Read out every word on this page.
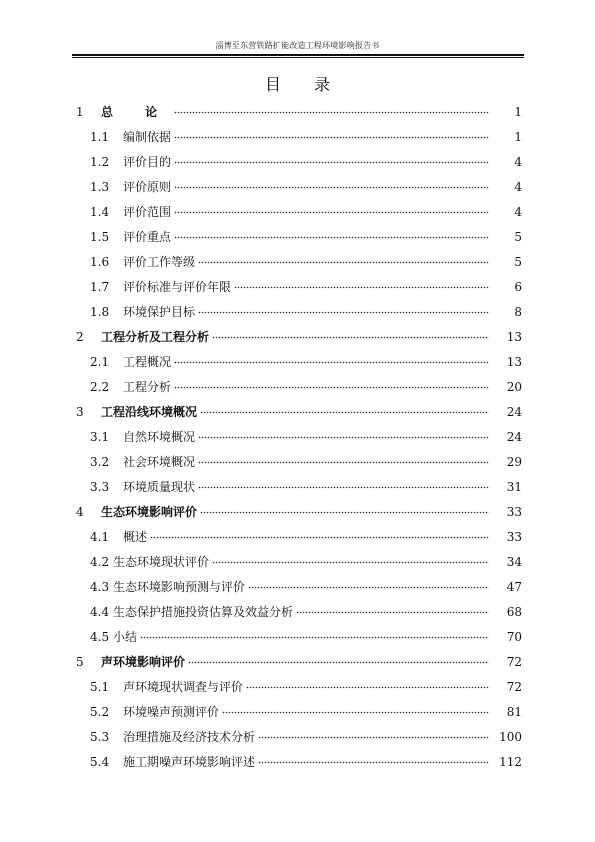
淄博至东营铁路扩能改造工程环境影响报告书
目 录
1	总 论	1
1.1	编制依据	1
1.2	评价目的	4
1.3	评价原则	4
1.4	评价范围	4
1.5	评价重点	5
1.6	评价工作等级	5
1.7	评价标准与评价年限	6
1.8	环境保护目标	8
2	工程分析及工程分析	13
2.1	工程概况	13
2.2	工程分析	20
3	工程沿线环境概况	24
3.1	自然环境概况	24
3.2	社会环境概况	29
3.3	环境质量现状	31
4	生态环境影响评价	33
4.1	概述	33
4.2 生态环境现状评价	34
4.3 生态环境影响预测与评价	47
4.4 生态保护措施投资估算及效益分析	68
4.5 小结	70
5	声环境影响评价	72
5.1	声环境现状调查与评价	72
5.2	环境噪声预测评价	81
5.3	治理措施及经济技术分析	100
5.4	施工期噪声环境影响评述	112
